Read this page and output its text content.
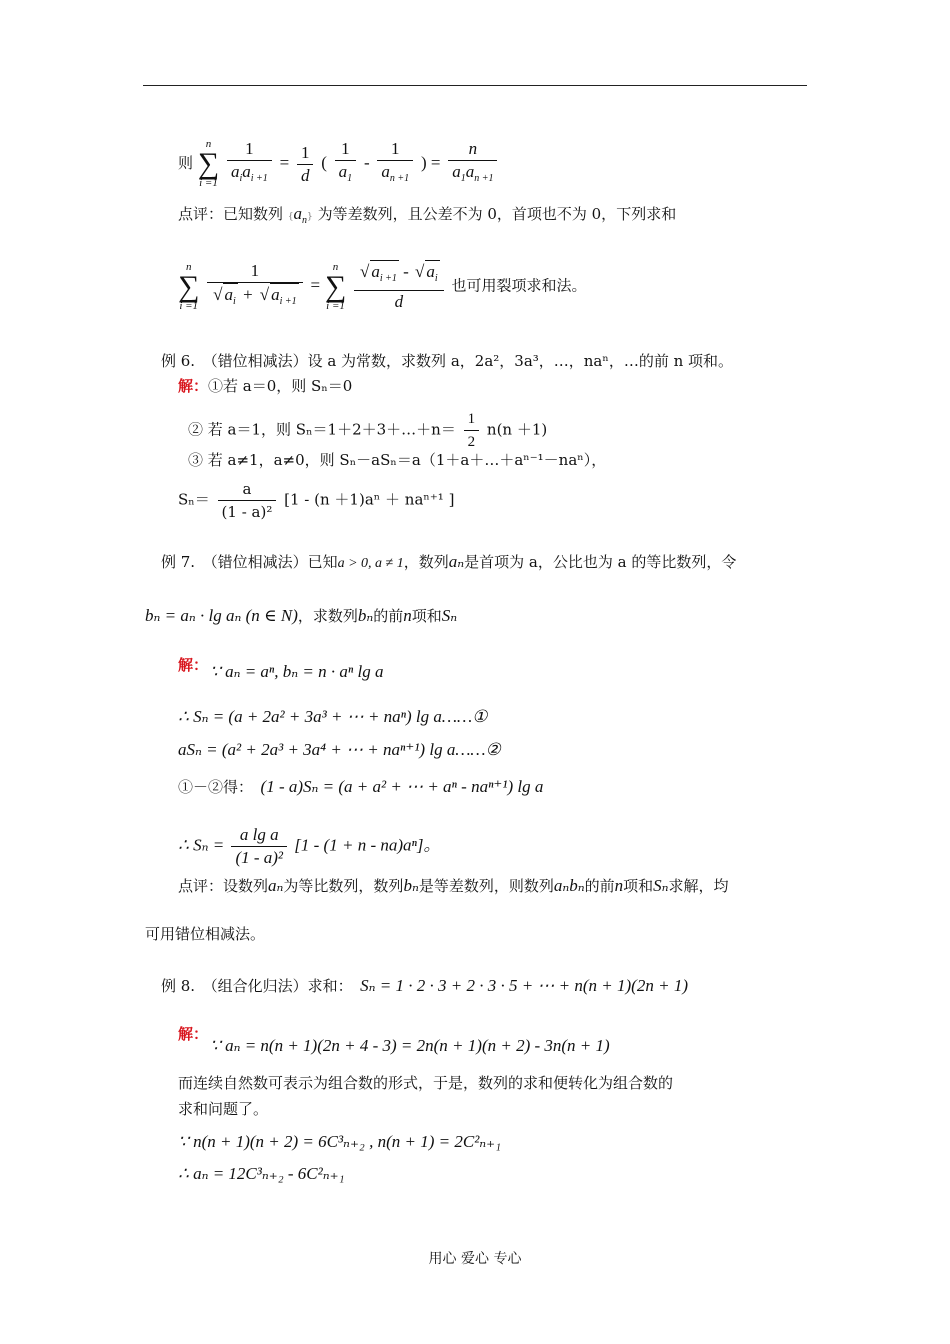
则 n
∑
$i =1 \frac{1}{a_ia_{i +1}} = \frac{1}{d}$ ( $\frac{1}{a_1} - \frac{1}{a_{n +1}}$ ) = $\frac{n}{a_1a_{n +1}}$
点评：已知数列 $\{a_n\}$ 为等差数列，且公差不为 0，首项也不为 0，下列求和
n
∑
i =1 1
√ $a_i$ + √ $a_{i +1} = n$
∑
i =1
√ $\frac{a_{i +1} - √ a_i}{d}$ 也可用裂项求和法。
例 6.　（错位相减法）设 a 为常数，求数列 a，2a²，3a³，…，naⁿ，…的前 n 项和。
解：①若 a＝0，则 Sₙ＝0
② 若 a＝1，则 Sₙ＝1＋2＋3＋…＋n＝ $\frac{1}{2} n(n +1)$
③ 若 a≠1，a≠0，则 Sₙ－aSₙ＝a（1＋a＋…＋aⁿ⁻¹－naⁿ），
$S_n= \frac{a}{\text{(1 - a)²}} [1 - (n +1)a^n + na^{n+1}$ ]
例 7.　（错位相减法）已知a > 0, a ≠ 1，数列aₙ是首项为 a，公比也为 a 的等比数列，令
bₙ = aₙ · lg aₙ (n ∈ N)，求数列bₙ的前n项和Sₙ
解： ∵ aₙ = aⁿ, bₙ = n · aⁿ lg a
∴ Sₙ = (a + 2a² + 3a³ + ⋯ + naⁿ) lg a……①
aSₙ = (a² + 2a³ + 3a⁴ + ⋯ + naⁿ⁺¹) lg a……②
①－②得：　 (1 - a)Sₙ = (a + a² + ⋯ + aⁿ - naⁿ⁺¹) lg a
∴ $S_n = \frac{\text{a lg a}}{\text{(1 - a)²}} [1 - (1 + n - na)a^n]$。
点评：设数列aₙ为等比数列，数列bₙ是等差数列，则数列aₙbₙ的前n项和Sₙ求解，均
可用错位相减法。
例 8.　（组合化归法）求和：　 Sₙ = 1 · 2 · 3 + 2 · 3 · 5 + ⋯ + n(n + 1)(2n + 1)
解：
∵ aₙ = n(n + 1)(2n + 4 - 3) = 2n(n + 1)(n + 2) - 3n(n + 1)
而连续自然数可表示为组合数的形式，于是，数列的求和便转化为组合数的
求和问题了。
∵ n(n + 1)(n + 2) = 6C³ₙ₊₂ , n(n + 1) = 2C²ₙ₊₁
∴ aₙ = 12C³ₙ₊₂ - 6C²ₙ₊₁
用心 爱心 专心
